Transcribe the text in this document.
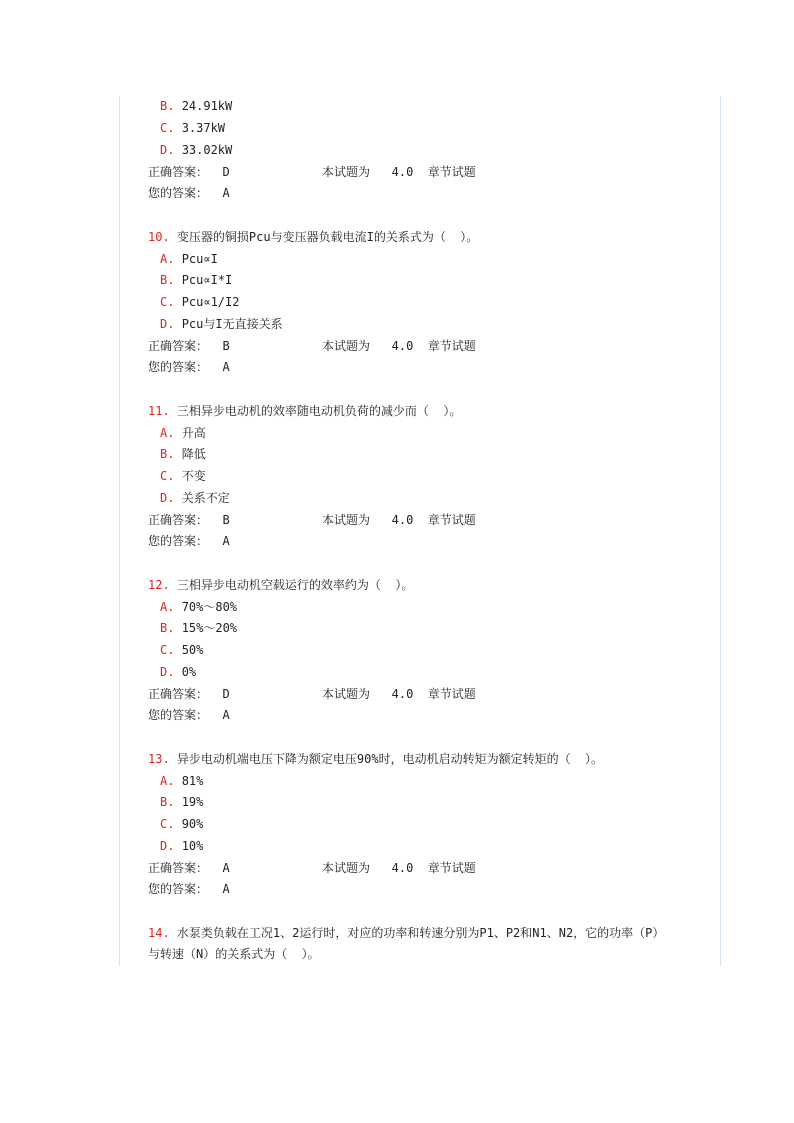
B. 24.91kW
C. 3.37kW
D. 33.02kW
正确答案：  D	本试题为   4.0  章节试题
您的答案：  A
10. 变压器的铜损Pcu与变压器负载电流I的关系式为（  ）。
A. Pcu∝I
B. Pcu∝I*I
C. Pcu∝1/I2
D. Pcu与I无直接关系
正确答案：  B	本试题为   4.0  章节试题
您的答案：  A
11. 三相异步电动机的效率随电动机负荷的减少而（  ）。
A. 升高
B. 降低
C. 不变
D. 关系不定
正确答案：  B	本试题为   4.0  章节试题
您的答案：  A
12. 三相异步电动机空载运行的效率约为（  ）。
A. 70%～80%
B. 15%～20%
C. 50%
D. 0%
正确答案：  D	本试题为   4.0  章节试题
您的答案：  A
13. 异步电动机端电压下降为额定电压90%时，电动机启动转矩为额定转矩的（  ）。
A. 81%
B. 19%
C. 90%
D. 10%
正确答案：  A	本试题为   4.0  章节试题
您的答案：  A
14. 水泵类负载在工况1、2运行时，对应的功率和转速分别为P1、P2和N1、N2，它的功率（P）
与转速（N）的关系式为（  ）。
